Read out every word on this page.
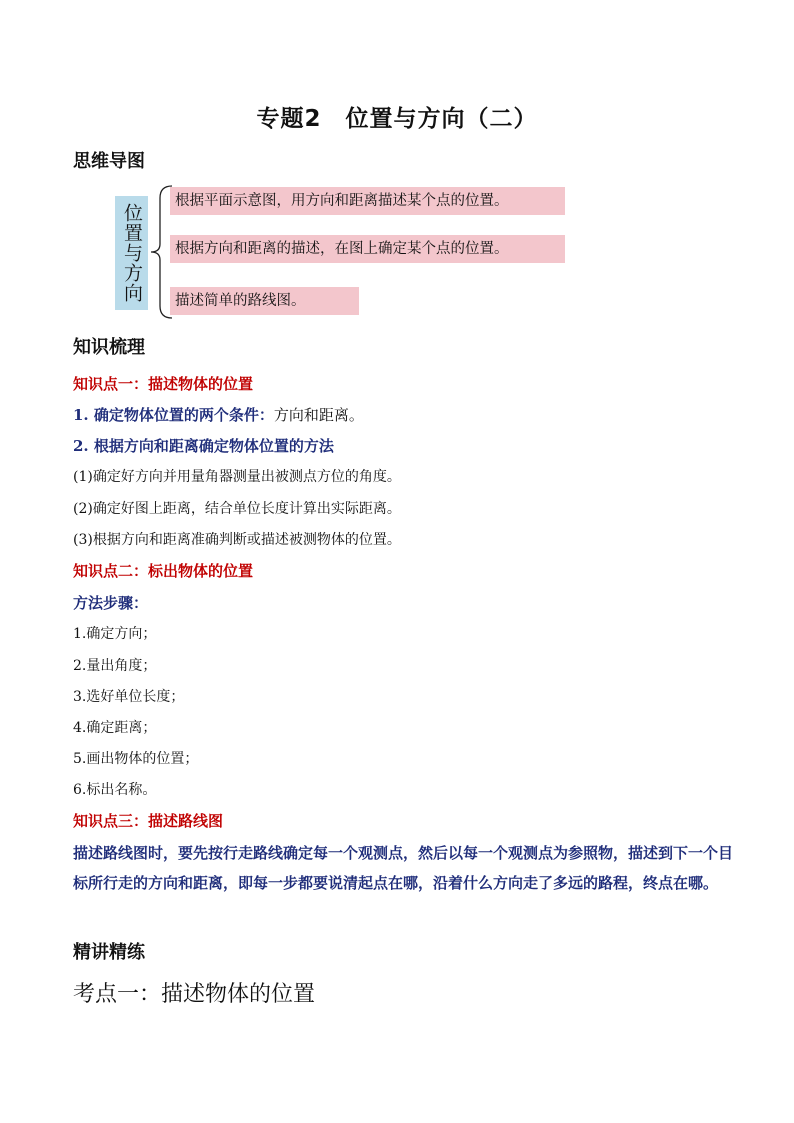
专题2　位置与方向（二）
思维导图
位置与方向
根据平面示意图，用方向和距离描述某个点的位置。
根据方向和距离的描述，在图上确定某个点的位置。
描述简单的路线图。
知识梳理
知识点一：描述物体的位置
1. 确定物体位置的两个条件：方向和距离。
2. 根据方向和距离确定物体位置的方法
(1)确定好方向并用量角器测量出被测点方位的角度。
(2)确定好图上距离，结合单位长度计算出实际距离。
(3)根据方向和距离准确判断或描述被测物体的位置。
知识点二：标出物体的位置
方法步骤：
1.确定方向；
2.量出角度；
3.选好单位长度；
4.确定距离；
5.画出物体的位置；
6.标出名称。
知识点三：描述路线图
描述路线图时，要先按行走路线确定每一个观测点，然后以每一个观测点为参照物，描述到下一个目标所行走的方向和距离，即每一步都要说清起点在哪，沿着什么方向走了多远的路程，终点在哪。
精讲精练
考点一：描述物体的位置
